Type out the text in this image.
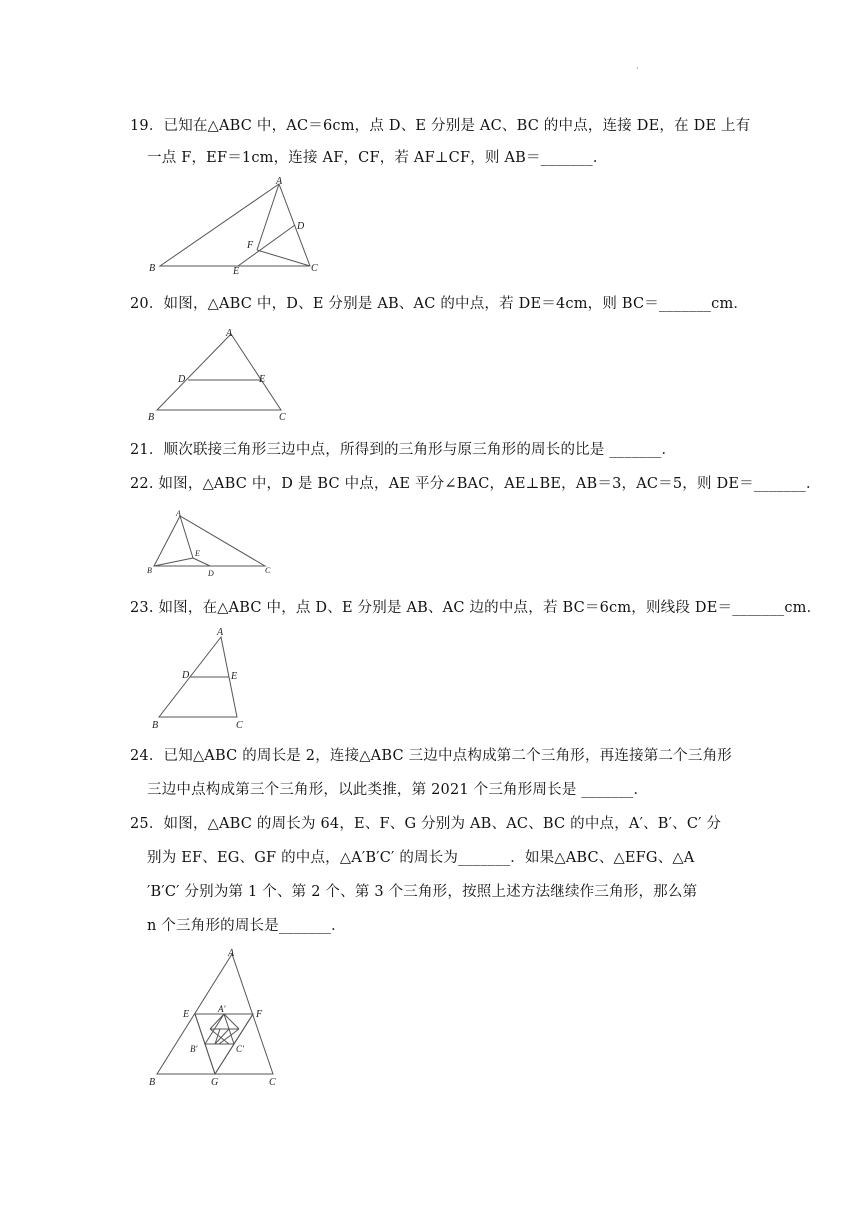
·
19．已知在△ABC 中，AC＝6cm，点 D、E 分别是 AC、BC 的中点，连接 DE，在 DE 上有
一点 F，EF＝1cm，连接 AF，CF，若 AF⊥CF，则 AB＝_______．
A
B	C
D
E
F
20．如图，△ABC 中，D、E 分别是 AB、AC 的中点，若 DE＝4cm，则 BC＝_______cm．
A
B	C
D	E
21．顺次联接三角形三边中点，所得到的三角形与原三角形的周长的比是 _______．
22. 如图，△ABC 中，D 是 BC 中点，AE 平分∠BAC，AE⊥BE，AB＝3，AC＝5，则 DE＝_______．
A
B	C
D
E
23. 如图，在△ABC 中，点 D、E 分别是 AB、AC 边的中点，若 BC＝6cm，则线段 DE＝_______cm．
A
B	C
D	E
24．已知△ABC 的周长是 2，连接△ABC 三边中点构成第二个三角形，再连接第二个三角形
三边中点构成第三个三角形，以此类推，第 2021 个三角形周长是 _______．
25．如图，△ABC 的周长为 64，E、F、G 分别为 AB、AC、BC 的中点，A′、B′、C′ 分
别为 EF、EG、GF 的中点，△A′B′C′ 的周长为_______．如果△ABC、△EFG、△A
′B′C′ 分别为第 1 个、第 2 个、第 3 个三角形，按照上述方法继续作三角形，那么第
n 个三角形的周长是_______．
A
B	C
E	F
G
A′
B′	C′
